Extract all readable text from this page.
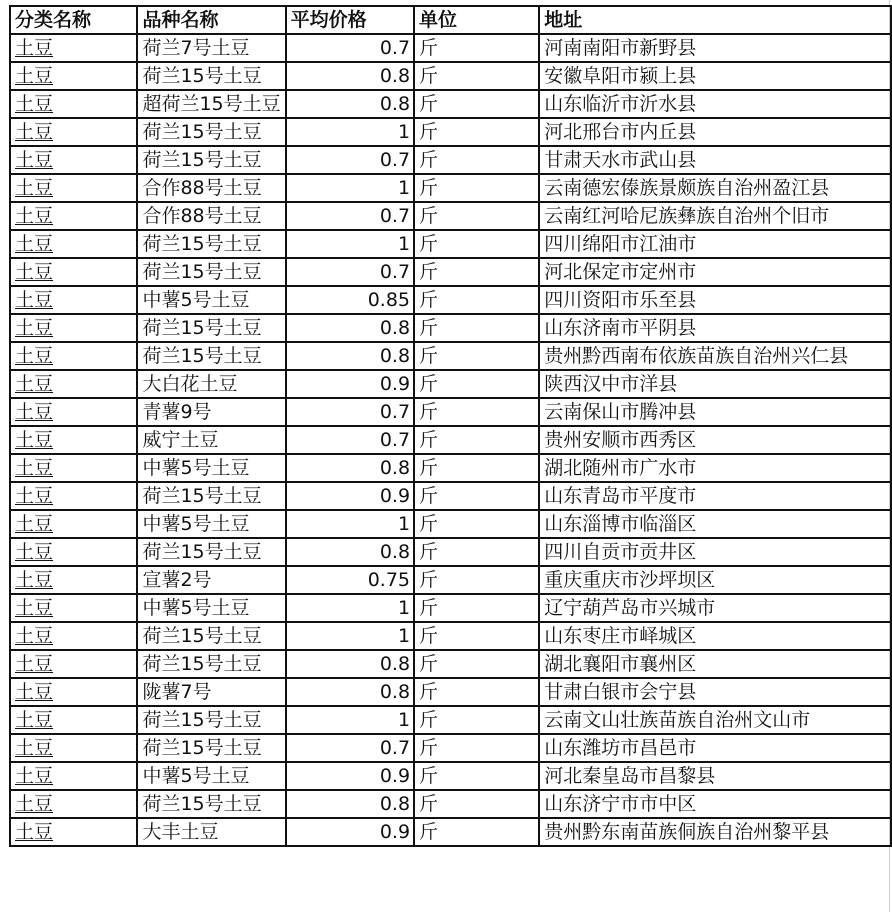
分类名称	品种名称	平均价格	单位	地址
土豆	荷兰7号土豆	0.7	斤	河南南阳市新野县
土豆	荷兰15号土豆	0.8	斤	安徽阜阳市颍上县
土豆	超荷兰15号土豆	0.8	斤	山东临沂市沂水县
土豆	荷兰15号土豆	1	斤	河北邢台市内丘县
土豆	荷兰15号土豆	0.7	斤	甘肃天水市武山县
土豆	合作88号土豆	1	斤	云南德宏傣族景颇族自治州盈江县
土豆	合作88号土豆	0.7	斤	云南红河哈尼族彝族自治州个旧市
土豆	荷兰15号土豆	1	斤	四川绵阳市江油市
土豆	荷兰15号土豆	0.7	斤	河北保定市定州市
土豆	中薯5号土豆	0.85	斤	四川资阳市乐至县
土豆	荷兰15号土豆	0.8	斤	山东济南市平阴县
土豆	荷兰15号土豆	0.8	斤	贵州黔西南布依族苗族自治州兴仁县
土豆	大白花土豆	0.9	斤	陕西汉中市洋县
土豆	青薯9号	0.7	斤	云南保山市腾冲县
土豆	威宁土豆	0.7	斤	贵州安顺市西秀区
土豆	中薯5号土豆	0.8	斤	湖北随州市广水市
土豆	荷兰15号土豆	0.9	斤	山东青岛市平度市
土豆	中薯5号土豆	1	斤	山东淄博市临淄区
土豆	荷兰15号土豆	0.8	斤	四川自贡市贡井区
土豆	宣薯2号	0.75	斤	重庆重庆市沙坪坝区
土豆	中薯5号土豆	1	斤	辽宁葫芦岛市兴城市
土豆	荷兰15号土豆	1	斤	山东枣庄市峄城区
土豆	荷兰15号土豆	0.8	斤	湖北襄阳市襄州区
土豆	陇薯7号	0.8	斤	甘肃白银市会宁县
土豆	荷兰15号土豆	1	斤	云南文山壮族苗族自治州文山市
土豆	荷兰15号土豆	0.7	斤	山东潍坊市昌邑市
土豆	中薯5号土豆	0.9	斤	河北秦皇岛市昌黎县
土豆	荷兰15号土豆	0.8	斤	山东济宁市市中区
土豆	大丰土豆	0.9	斤	贵州黔东南苗族侗族自治州黎平县
